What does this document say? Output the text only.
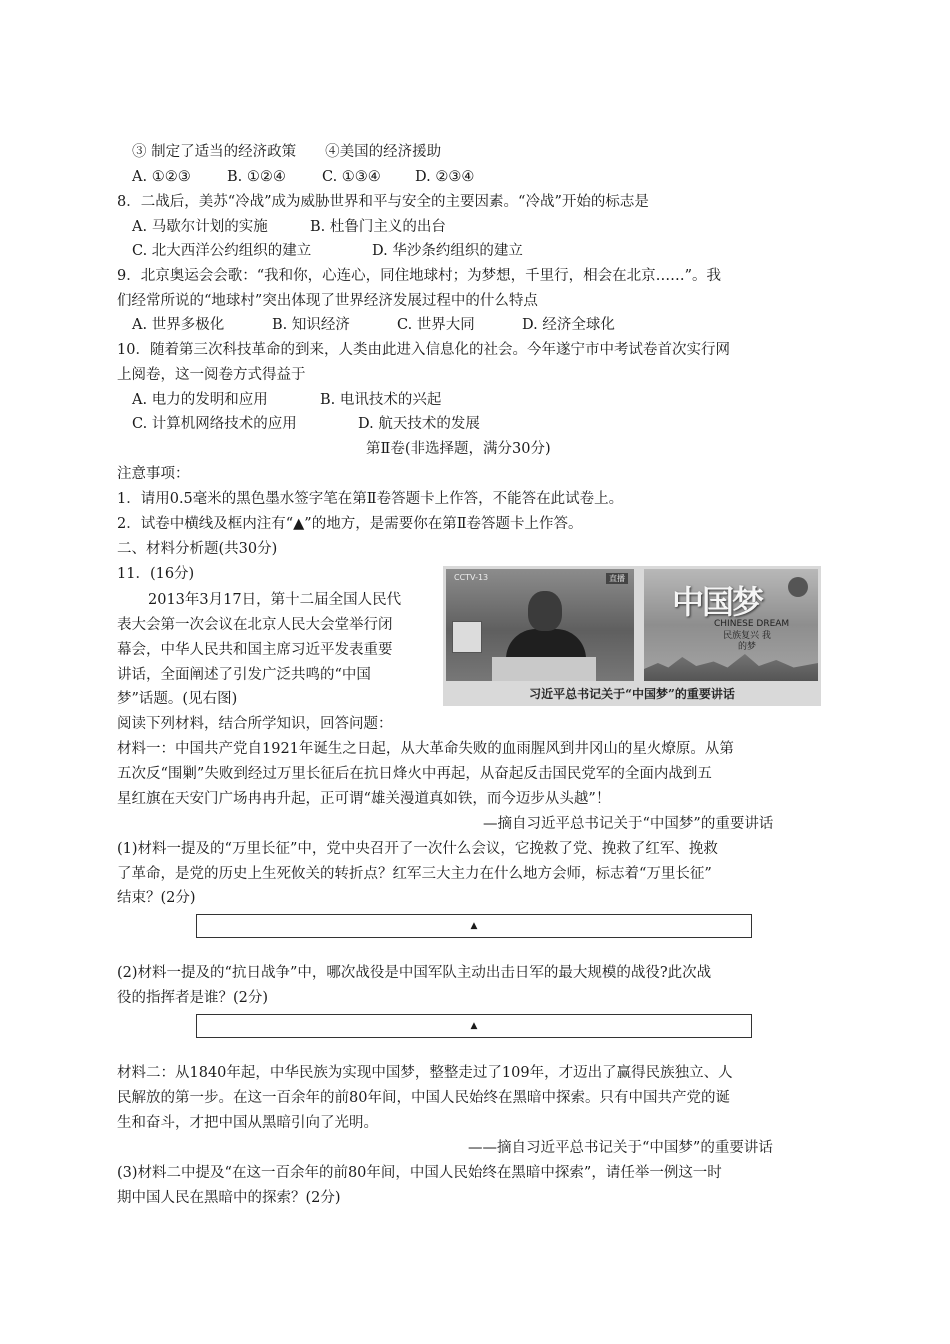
③ 制定了适当的经济政策　　④美国的经济援助
A. ①②③	B. ①②④ C. ①③④ D. ②③④
8．二战后，美苏“冷战”成为威胁世界和平与安全的主要因素。“冷战”开始的标志是
A. 马歇尔计划的实施	B. 杜鲁门主义的出台
C. 北大西洋公约组织的建立	D. 华沙条约组织的建立
9．北京奥运会会歌：“我和你，心连心，同住地球村；为梦想，千里行，相会在北京……”。我
们经常所说的“地球村”突出体现了世界经济发展过程中的什么特点
A. 世界多极化	B. 知识经济	C. 世界大同	D. 经济全球化
10．随着第三次科技革命的到来，人类由此进入信息化的社会。今年遂宁市中考试卷首次实行网
上阅卷，这一阅卷方式得益于
A. 电力的发明和应用	B. 电讯技术的兴起
C. 计算机网络技术的应用	D. 航天技术的发展
第Ⅱ卷(非选择题，满分30分)
注意事项：
1．请用0.5毫米的黑色墨水签字笔在第Ⅱ卷答题卡上作答，不能答在此试卷上。
2．试卷中横线及框内注有“▲”的地方，是需要你在第Ⅱ卷答题卡上作答。
二、材料分析题(共30分)
11．(16分)
2013年3月17日，第十二届全国人民代
表大会第一次会议在北京人民大会堂举行闭
幕会，中华人民共和国主席习近平发表重要
讲话，全面阐述了引发广泛共鸣的“中国
梦”话题。(见右图)
CCTV-13	直播
中国梦
CHINESE DREAM
民族复兴 我的梦
习近平总书记关于“中国梦”的重要讲话
阅读下列材料，结合所学知识，回答问题：
材料一：中国共产党自1921年诞生之日起，从大革命失败的血雨腥风到井冈山的星火燎原。从第
五次反“围剿”失败到经过万里长征后在抗日烽火中再起，从奋起反击国民党军的全面内战到五
星红旗在天安门广场冉冉升起，正可谓“雄关漫道真如铁，而今迈步从头越”！
—摘自习近平总书记关于“中国梦”的重要讲话
(1)材料一提及的“万里长征”中，党中央召开了一次什么会议，它挽救了党、挽救了红军、挽救
了革命，是党的历史上生死攸关的转折点？红军三大主力在什么地方会师，标志着“万里长征”
结束？(2分)
▲
(2)材料一提及的“抗日战争”中，哪次战役是中国军队主动出击日军的最大规模的战役?此次战
役的指挥者是谁？(2分)
▲
材料二：从1840年起，中华民族为实现中国梦，整整走过了109年，才迈出了赢得民族独立、人
民解放的第一步。在这一百余年的前80年间，中国人民始终在黑暗中探索。只有中国共产党的诞
生和奋斗，才把中国从黑暗引向了光明。
——摘自习近平总书记关于“中国梦”的重要讲话
(3)材料二中提及“在这一百余年的前80年间，中国人民始终在黑暗中探索”，请任举一例这一时
期中国人民在黑暗中的探索？(2分)
